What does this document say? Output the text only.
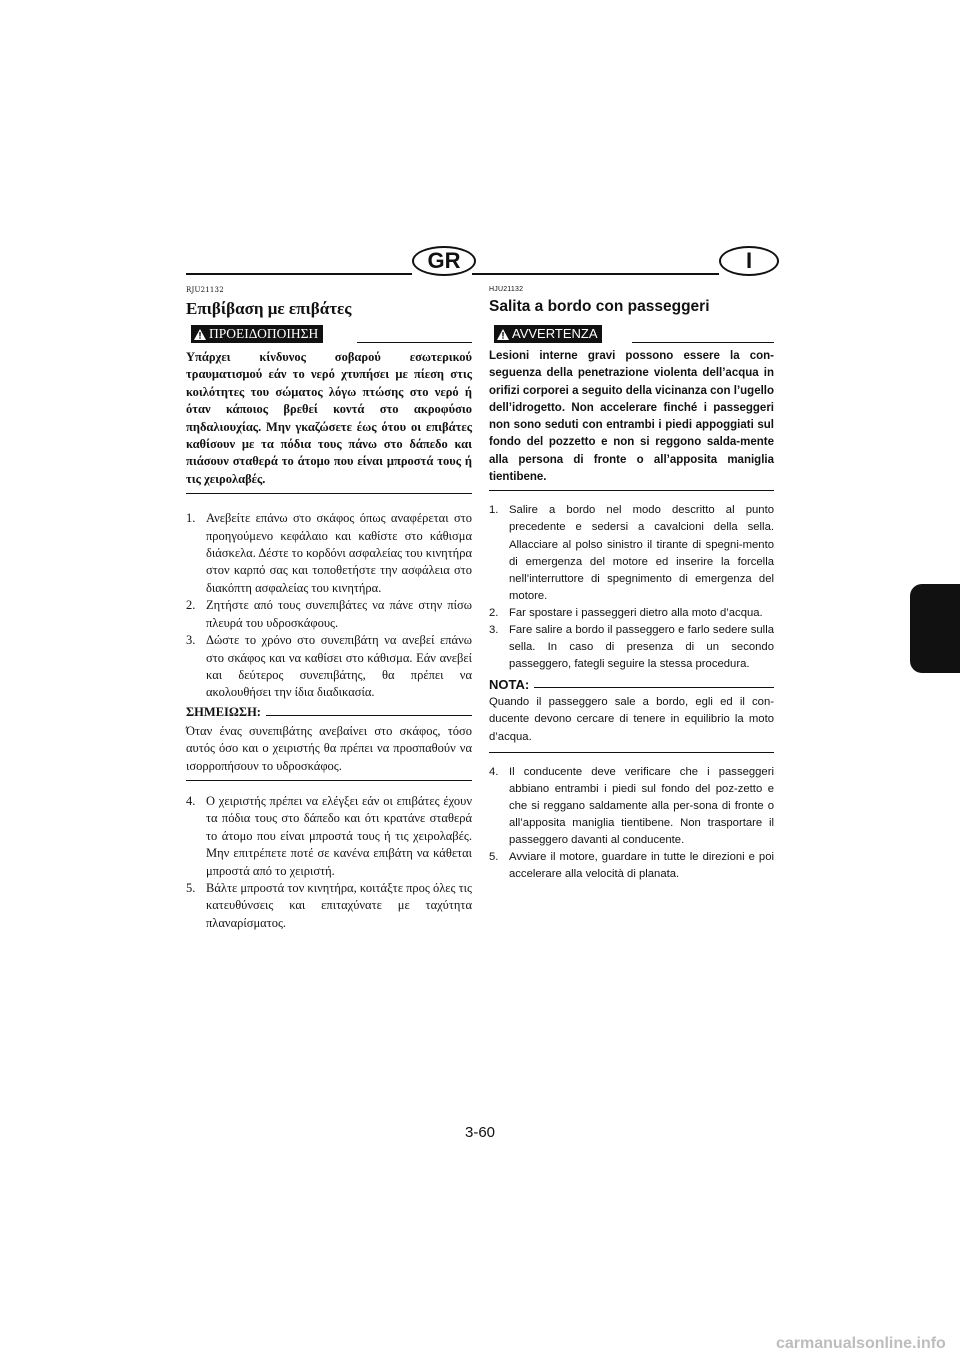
GR	I
RJU21132
Επιβίβαση με επιβάτες
ΠΡΟΕΙΔΟΠΟΙΗΣΗ
Υπάρχει κίνδυνος σοβαρού εσωτερικού τραυματισμού εάν το νερό χτυπήσει με πίεση στις κοιλότητες του σώματος λόγω πτώσης στο νερό ή όταν κάποιος βρεθεί κοντά στο ακροφύσιο πηδαλιουχίας. Μην γκαζώσετε έως ότου οι επιβάτες καθίσουν με τα πόδια τους πάνω στο δάπεδο και πιάσουν σταθερά το άτομο που είναι μπροστά τους ή τις χειρολαβές.
1. Ανεβείτε επάνω στο σκάφος όπως αναφέρεται στο προηγούμενο κεφάλαιο και καθίστε στο κάθισμα διάσκελα. Δέστε το κορδόνι ασφαλείας του κινητήρα στον καρπό σας και τοποθετήστε την ασφάλεια στο διακόπτη ασφαλείας του κινητήρα.
2. Ζητήστε από τους συνεπιβάτες να πάνε στην πίσω πλευρά του υδροσκάφους.
3. Δώστε το χρόνο στο συνεπιβάτη να ανεβεί επάνω στο σκάφος και να καθίσει στο κάθισμα. Εάν ανεβεί και δεύτερος συνεπιβάτης, θα πρέπει να ακολουθήσει την ίδια διαδικασία.
ΣΗΜΕΙΩΣΗ:
Όταν ένας συνεπιβάτης ανεβαίνει στο σκάφος, τόσο αυτός όσο και ο χειριστής θα πρέπει να προσπαθούν να ισορροπήσουν το υδροσκάφος.
4. Ο χειριστής πρέπει να ελέγξει εάν οι επιβάτες έχουν τα πόδια τους στο δάπεδο και ότι κρατάνε σταθερά το άτομο που είναι μπροστά τους ή τις χειρολαβές. Μην επιτρέπετε ποτέ σε κανένα επιβάτη να κάθεται μπροστά από το χειριστή.
5. Βάλτε μπροστά τον κινητήρα, κοιτάξτε προς όλες τις κατευθύνσεις και επιταχύνατε με ταχύτητα πλαναρίσματος.
HJU21132
Salita a bordo con passeggeri
AVVERTENZA
Lesioni interne gravi possono essere la con-seguenza della penetrazione violenta dell’acqua in orifizi corporei a seguito della vicinanza con l’ugello dell’idrogetto. Non accelerare finché i passeggeri non sono seduti con entrambi i piedi appoggiati sul fondo del pozzetto e non si reggono salda-mente alla persona di fronte o all’apposita maniglia tientibene.
1. Salire a bordo nel modo descritto al punto precedente e sedersi a cavalcioni della sella. Allacciare al polso sinistro il tirante di spegni-mento di emergenza del motore ed inserire la forcella nell’interruttore di spegnimento di emergenza del motore.
2. Far spostare i passeggeri dietro alla moto d’acqua.
3. Fare salire a bordo il passeggero e farlo sedere sulla sella. In caso di presenza di un secondo passeggero, fategli seguire la stessa procedura.
NOTA:
Quando il passeggero sale a bordo, egli ed il con-ducente devono cercare di tenere in equilibrio la moto d’acqua.
4. Il conducente deve verificare che i passeggeri abbiano entrambi i piedi sul fondo del poz-zetto e che si reggano saldamente alla per-sona di fronte o all’apposita maniglia tientibene. Non trasportare il passeggero davanti al conducente.
5. Avviare il motore, guardare in tutte le direzioni e poi accelerare alla velocità di planata.
3-60
carmanualsonline.info
